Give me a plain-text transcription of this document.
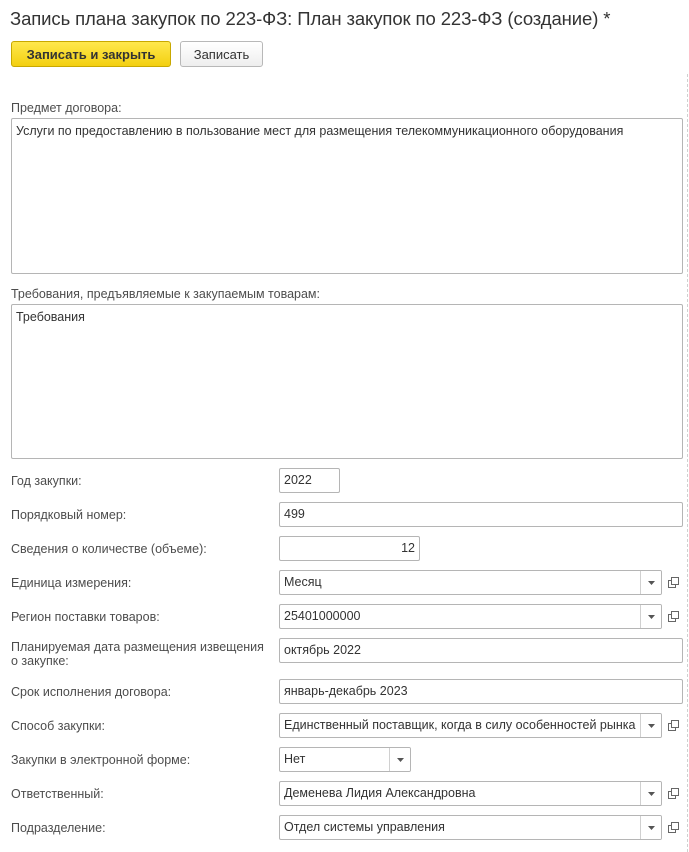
Запись плана закупок по 223-ФЗ: План закупок по 223-ФЗ (создание) *
Записать и закрыть	Записать
Предмет договора:
Услуги по предоставлению в пользование мест для размещения телекоммуникационного оборудования
Требования, предъявляемые к закупаемым товарам:
Требования
Год закупки:	2022
Порядковый номер:	499
Сведения о количестве (объеме):	12
Единица измерения:	Месяц
Регион поставки товаров:	25401000000
Планируемая дата размещения извещения
о закупке:
октябрь 2022
Срок исполнения договора:	январь-декабрь 2023
Способ закупки:	Единственный поставщик, когда в силу особенностей рынка
Закупки в электронной форме:	Нет
Ответственный:	Деменева Лидия Александровна
Подразделение:	Отдел системы управления
